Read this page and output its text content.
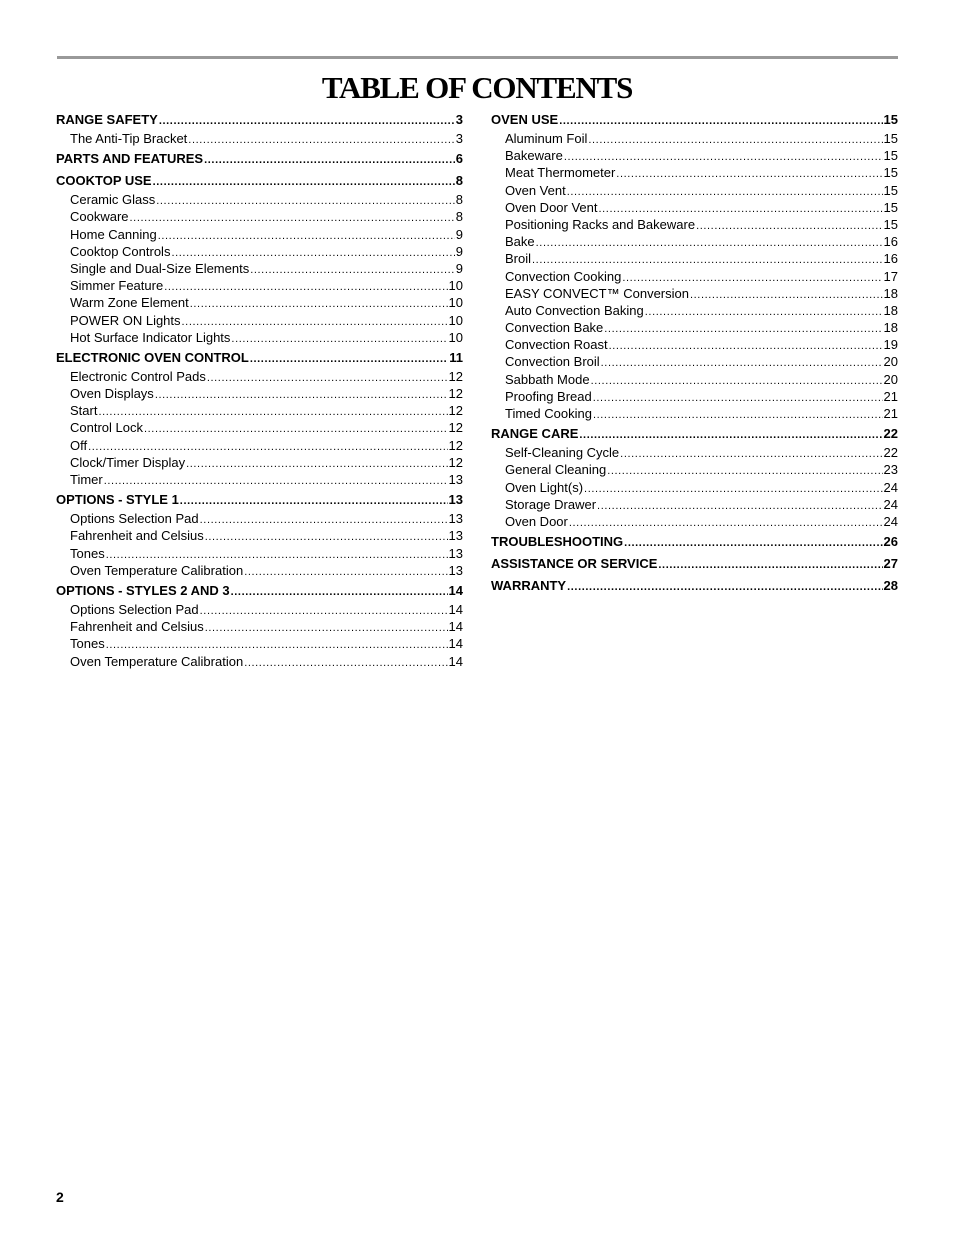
TABLE OF CONTENTS
RANGE SAFETY .....	3
The Anti-Tip Bracket .....	3
PARTS AND FEATURES .....	6
COOKTOP USE .....	8
Ceramic Glass .....	8
Cookware .....	8
Home Canning .....	9
Cooktop Controls .....	9
Single and Dual-Size Elements .....	9
Simmer Feature .....	10
Warm Zone Element .....	10
POWER ON Lights .....	10
Hot Surface Indicator Lights .....	10
ELECTRONIC OVEN CONTROL .....	11
Electronic Control Pads .....	12
Oven Displays .....	12
Start .....	12
Control Lock .....	12
Off .....	12
Clock/Timer Display .....	12
Timer .....	13
OPTIONS - STYLE 1 .....	13
Options Selection Pad .....	13
Fahrenheit and Celsius .....	13
Tones .....	13
Oven Temperature Calibration .....	13
OPTIONS - STYLES 2 AND 3 .....	14
Options Selection Pad .....	14
Fahrenheit and Celsius .....	14
Tones .....	14
Oven Temperature Calibration .....	14
OVEN USE .....	15
Aluminum Foil .....	15
Bakeware .....	15
Meat Thermometer .....	15
Oven Vent .....	15
Oven Door Vent .....	15
Positioning Racks and Bakeware .....	15
Bake .....	16
Broil .....	16
Convection Cooking .....	17
EASY CONVECT™ Conversion .....	18
Auto Convection Baking .....	18
Convection Bake .....	18
Convection Roast .....	19
Convection Broil .....	20
Sabbath Mode .....	20
Proofing Bread .....	21
Timed Cooking .....	21
RANGE CARE .....	22
Self-Cleaning Cycle .....	22
General Cleaning .....	23
Oven Light(s) .....	24
Storage Drawer .....	24
Oven Door .....	24
TROUBLESHOOTING .....	26
ASSISTANCE OR SERVICE .....	27
WARRANTY .....	28
2
